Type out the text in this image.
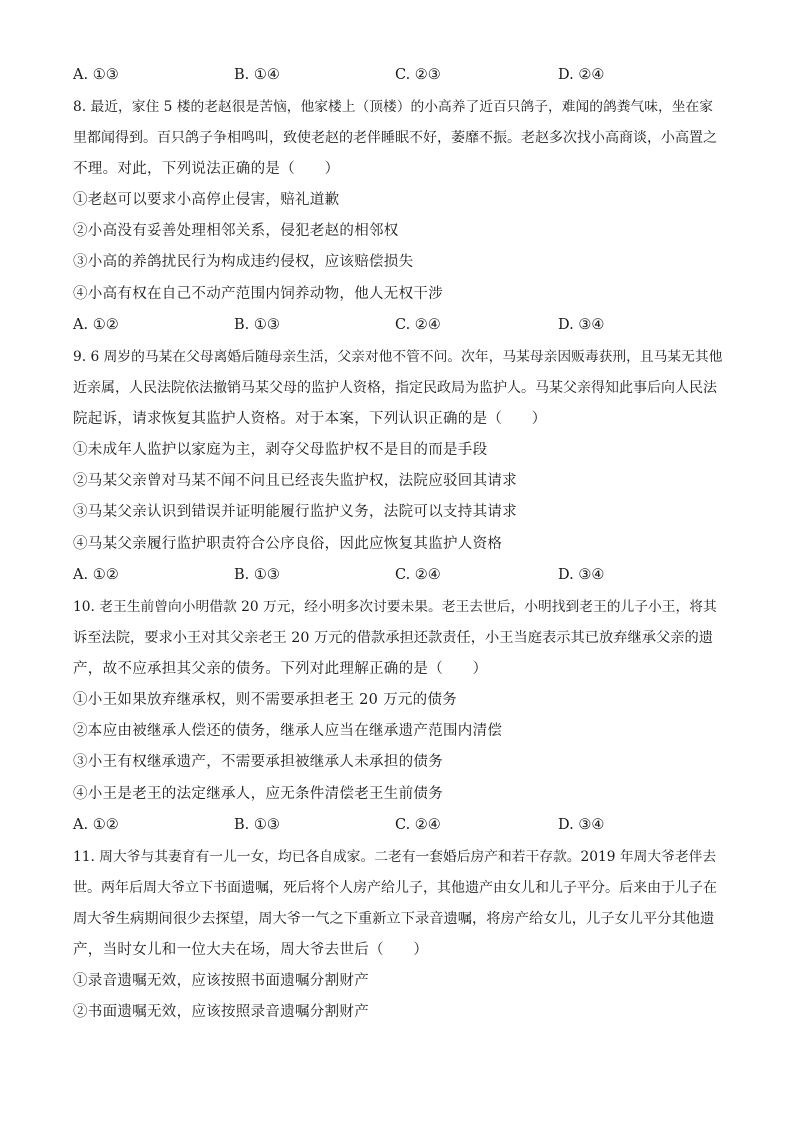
A. ①③	B. ①④	C. ②③	D. ②④
8. 最近，家住 5 楼的老赵很是苦恼，他家楼上（顶楼）的小高养了近百只鸽子，难闻的鸽粪气味，坐在家
里都闻得到。百只鸽子争相鸣叫，致使老赵的老伴睡眠不好，萎靡不振。老赵多次找小高商谈，小高置之
不理。对此，下列说法正确的是（　　）
①老赵可以要求小高停止侵害，赔礼道歉
②小高没有妥善处理相邻关系，侵犯老赵的相邻权
③小高的养鸽扰民行为构成违约侵权，应该赔偿损失
④小高有权在自己不动产范围内饲养动物，他人无权干涉
A. ①②	B. ①③	C. ②④	D. ③④
9. 6 周岁的马某在父母离婚后随母亲生活，父亲对他不管不问。次年，马某母亲因贩毒获刑，且马某无其他
近亲属，人民法院依法撤销马某父母的监护人资格，指定民政局为监护人。马某父亲得知此事后向人民法
院起诉，请求恢复其监护人资格。对于本案，下列认识正确的是（　　）
①未成年人监护以家庭为主，剥夺父母监护权不是目的而是手段
②马某父亲曾对马某不闻不问且已经丧失监护权，法院应驳回其请求
③马某父亲认识到错误并证明能履行监护义务，法院可以支持其请求
④马某父亲履行监护职责符合公序良俗，因此应恢复其监护人资格
A. ①②	B. ①③	C. ②④	D. ③④
10. 老王生前曾向小明借款 20 万元，经小明多次讨要未果。老王去世后，小明找到老王的儿子小王，将其
诉至法院，要求小王对其父亲老王 20 万元的借款承担还款责任，小王当庭表示其已放弃继承父亲的遗
产，故不应承担其父亲的债务。下列对此理解正确的是（　　）
①小王如果放弃继承权，则不需要承担老王 20 万元的债务
②本应由被继承人偿还的债务，继承人应当在继承遗产范围内清偿
③小王有权继承遗产，不需要承担被继承人未承担的债务
④小王是老王的法定继承人，应无条件清偿老王生前债务
A. ①②	B. ①③	C. ②④	D. ③④
11. 周大爷与其妻育有一儿一女，均已各自成家。二老有一套婚后房产和若干存款。2019 年周大爷老伴去
世。两年后周大爷立下书面遗嘱，死后将个人房产给儿子，其他遗产由女儿和儿子平分。后来由于儿子在
周大爷生病期间很少去探望，周大爷一气之下重新立下录音遗嘱，将房产给女儿，儿子女儿平分其他遗
产，当时女儿和一位大夫在场，周大爷去世后（　　）
①录音遗嘱无效，应该按照书面遗嘱分割财产
②书面遗嘱无效，应该按照录音遗嘱分割财产
